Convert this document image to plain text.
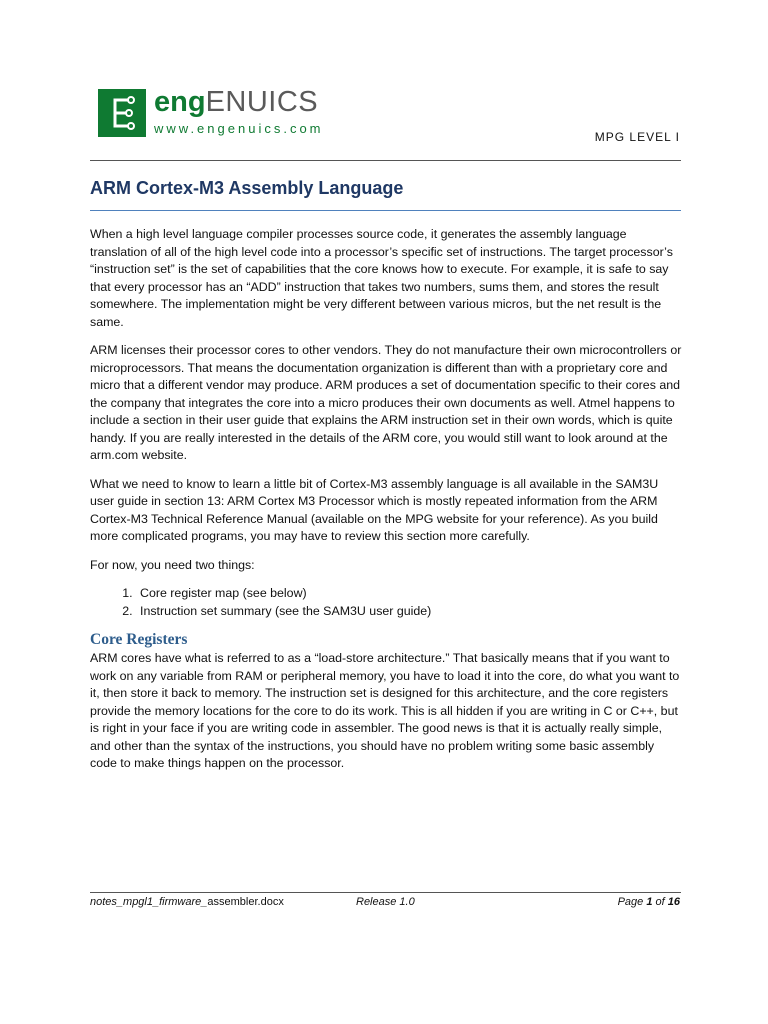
engENUICS
www.engenuics.com
MPG LEVEL I
ARM Cortex-M3 Assembly Language

When a high level language compiler processes source code, it generates the assembly language translation of all of the high level code into a processor’s specific set of instructions. The target processor’s “instruction set” is the set of capabilities that the core knows how to execute. For example, it is safe to say that every processor has an “ADD” instruction that takes two numbers, sums them, and stores the result somewhere. The implementation might be very different between various micros, but the net result is the same.

ARM licenses their processor cores to other vendors. They do not manufacture their own microcontrollers or microprocessors. That means the documentation organization is different than with a proprietary core and micro that a different vendor may produce. ARM produces a set of documentation specific to their cores and the company that integrates the core into a micro produces their own documents as well. Atmel happens to include a section in their user guide that explains the ARM instruction set in their own words, which is quite handy. If you are really interested in the details of the ARM core, you would still want to look around at the arm.com website.

What we need to know to learn a little bit of Cortex-M3 assembly language is all available in the SAM3U user guide in section 13: ARM Cortex M3 Processor which is mostly repeated information from the ARM Cortex-M3 Technical Reference Manual (available on the MPG website for your reference). As you build more complicated programs, you may have to review this section more carefully.

For now, you need two things:

1. Core register map (see below)
2. Instruction set summary (see the SAM3U user guide)
Core Registers

ARM cores have what is referred to as a “load-store architecture.” That basically means that if you want to work on any variable from RAM or peripheral memory, you have to load it into the core, do what you want to it, then store it back to memory. The instruction set is designed for this architecture, and the core registers provide the memory locations for the core to do its work. This is all hidden if you are writing in C or C++, but is right in your face if you are writing code in assembler. The good news is that it is actually really simple, and other than the syntax of the instructions, you should have no problem writing some basic assembly code to make things happen on the processor.

notes_mpgl1_firmware_assembler.docx	Release 1.0	Page 1 of 16
